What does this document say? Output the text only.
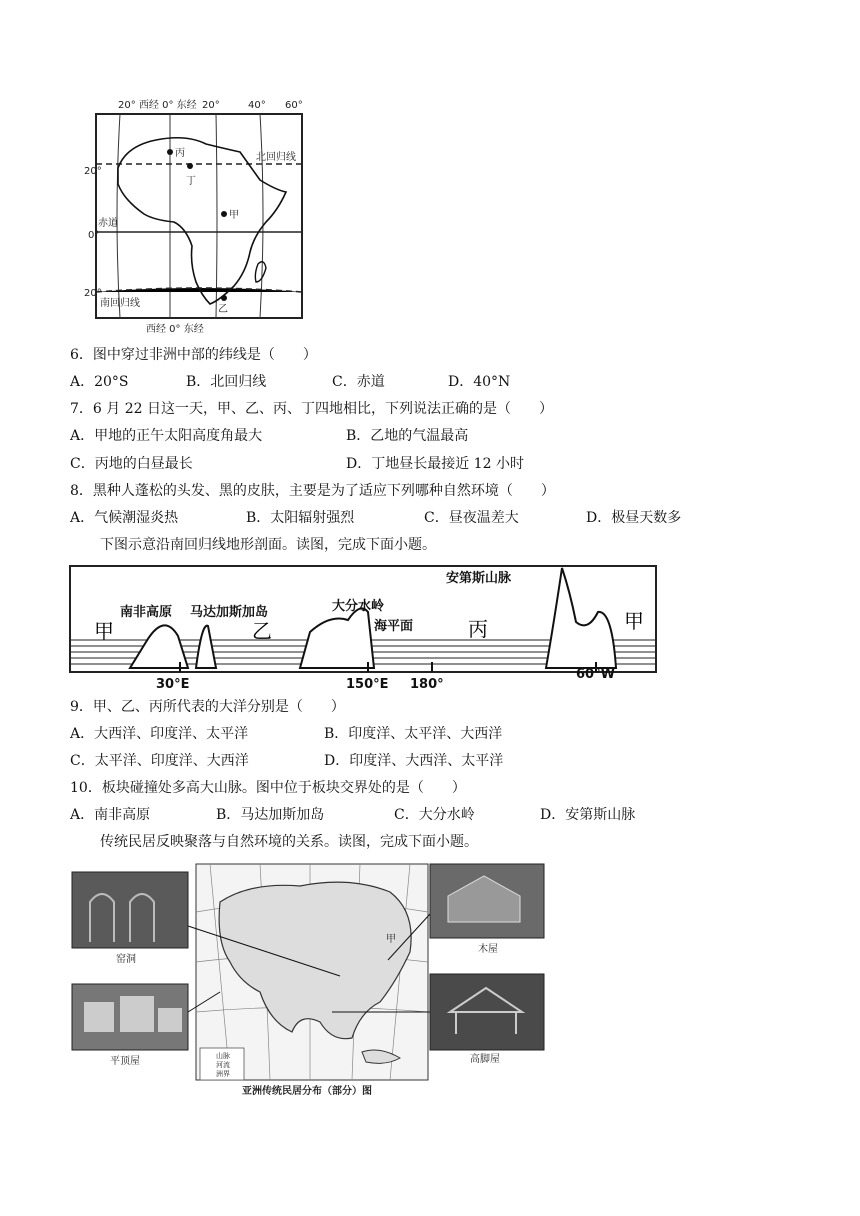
20° 西经 0° 东经 20°	40° 60°
丙
丁
甲
乙
20°
0°
20°
北回归线
赤道
南回归线
西经 0° 东经
6．图中穿过非洲中部的纬线是（　　）
A．20°S	B．北回归线	C．赤道	D．40°N
7．6 月 22 日这一天，甲、乙、丙、丁四地相比，下列说法正确的是（　　）
A．甲地的正午太阳高度角最大	B．乙地的气温最高
C．丙地的白昼最长	D．丁地昼长最接近 12 小时
8．黑种人蓬松的头发、黑的皮肤，主要是为了适应下列哪种自然环境（　　）
A．气候潮湿炎热	B．太阳辐射强烈	C．昼夜温差大	D．极昼天数多
下图示意沿南回归线地形剖面。读图，完成下面小题。
南非高原 马达加斯加岛	大分水岭
海平面
安第斯山脉
甲	乙	丙	甲
30°E	150°E 180°
60°W
9．甲、乙、丙所代表的大洋分别是（　　）
A．大西洋、印度洋、太平洋	B．印度洋、太平洋、大西洋
C．太平洋、印度洋、大西洋	D．印度洋、大西洋、太平洋
10．板块碰撞处多高大山脉。图中位于板块交界处的是（　　）
A．南非高原	B．马达加斯加岛	C．大分水岭	D．安第斯山脉
传统民居反映聚落与自然环境的关系。读图，完成下面小题。
甲
山脉
河流
洲界
窑洞
平顶屋
木屋
高脚屋
亚洲传统民居分布（部分）图
